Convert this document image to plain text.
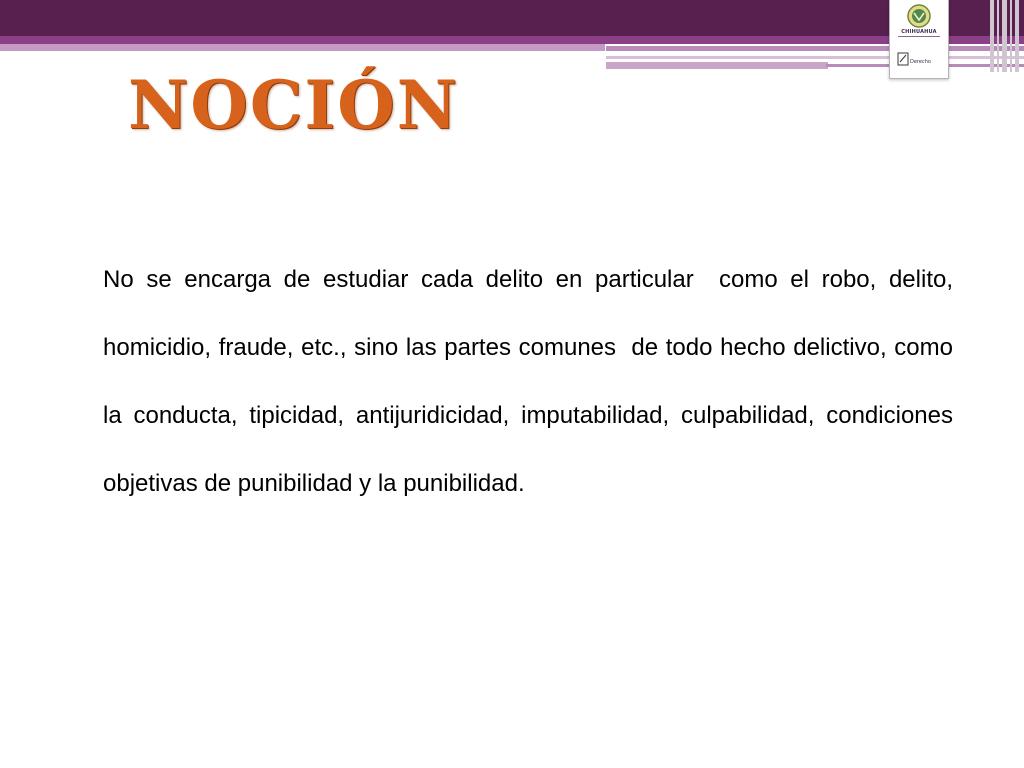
CHIHUAHUA
Derecho
NOCIÓN

No se encarga de estudiar cada delito en particular  como el robo, delito, homicidio, fraude, etc., sino las partes comunes  de todo hecho delictivo, como la conducta, tipicidad, antijuridicidad, imputabilidad, culpabilidad, condiciones objetivas de punibilidad y la punibilidad.
